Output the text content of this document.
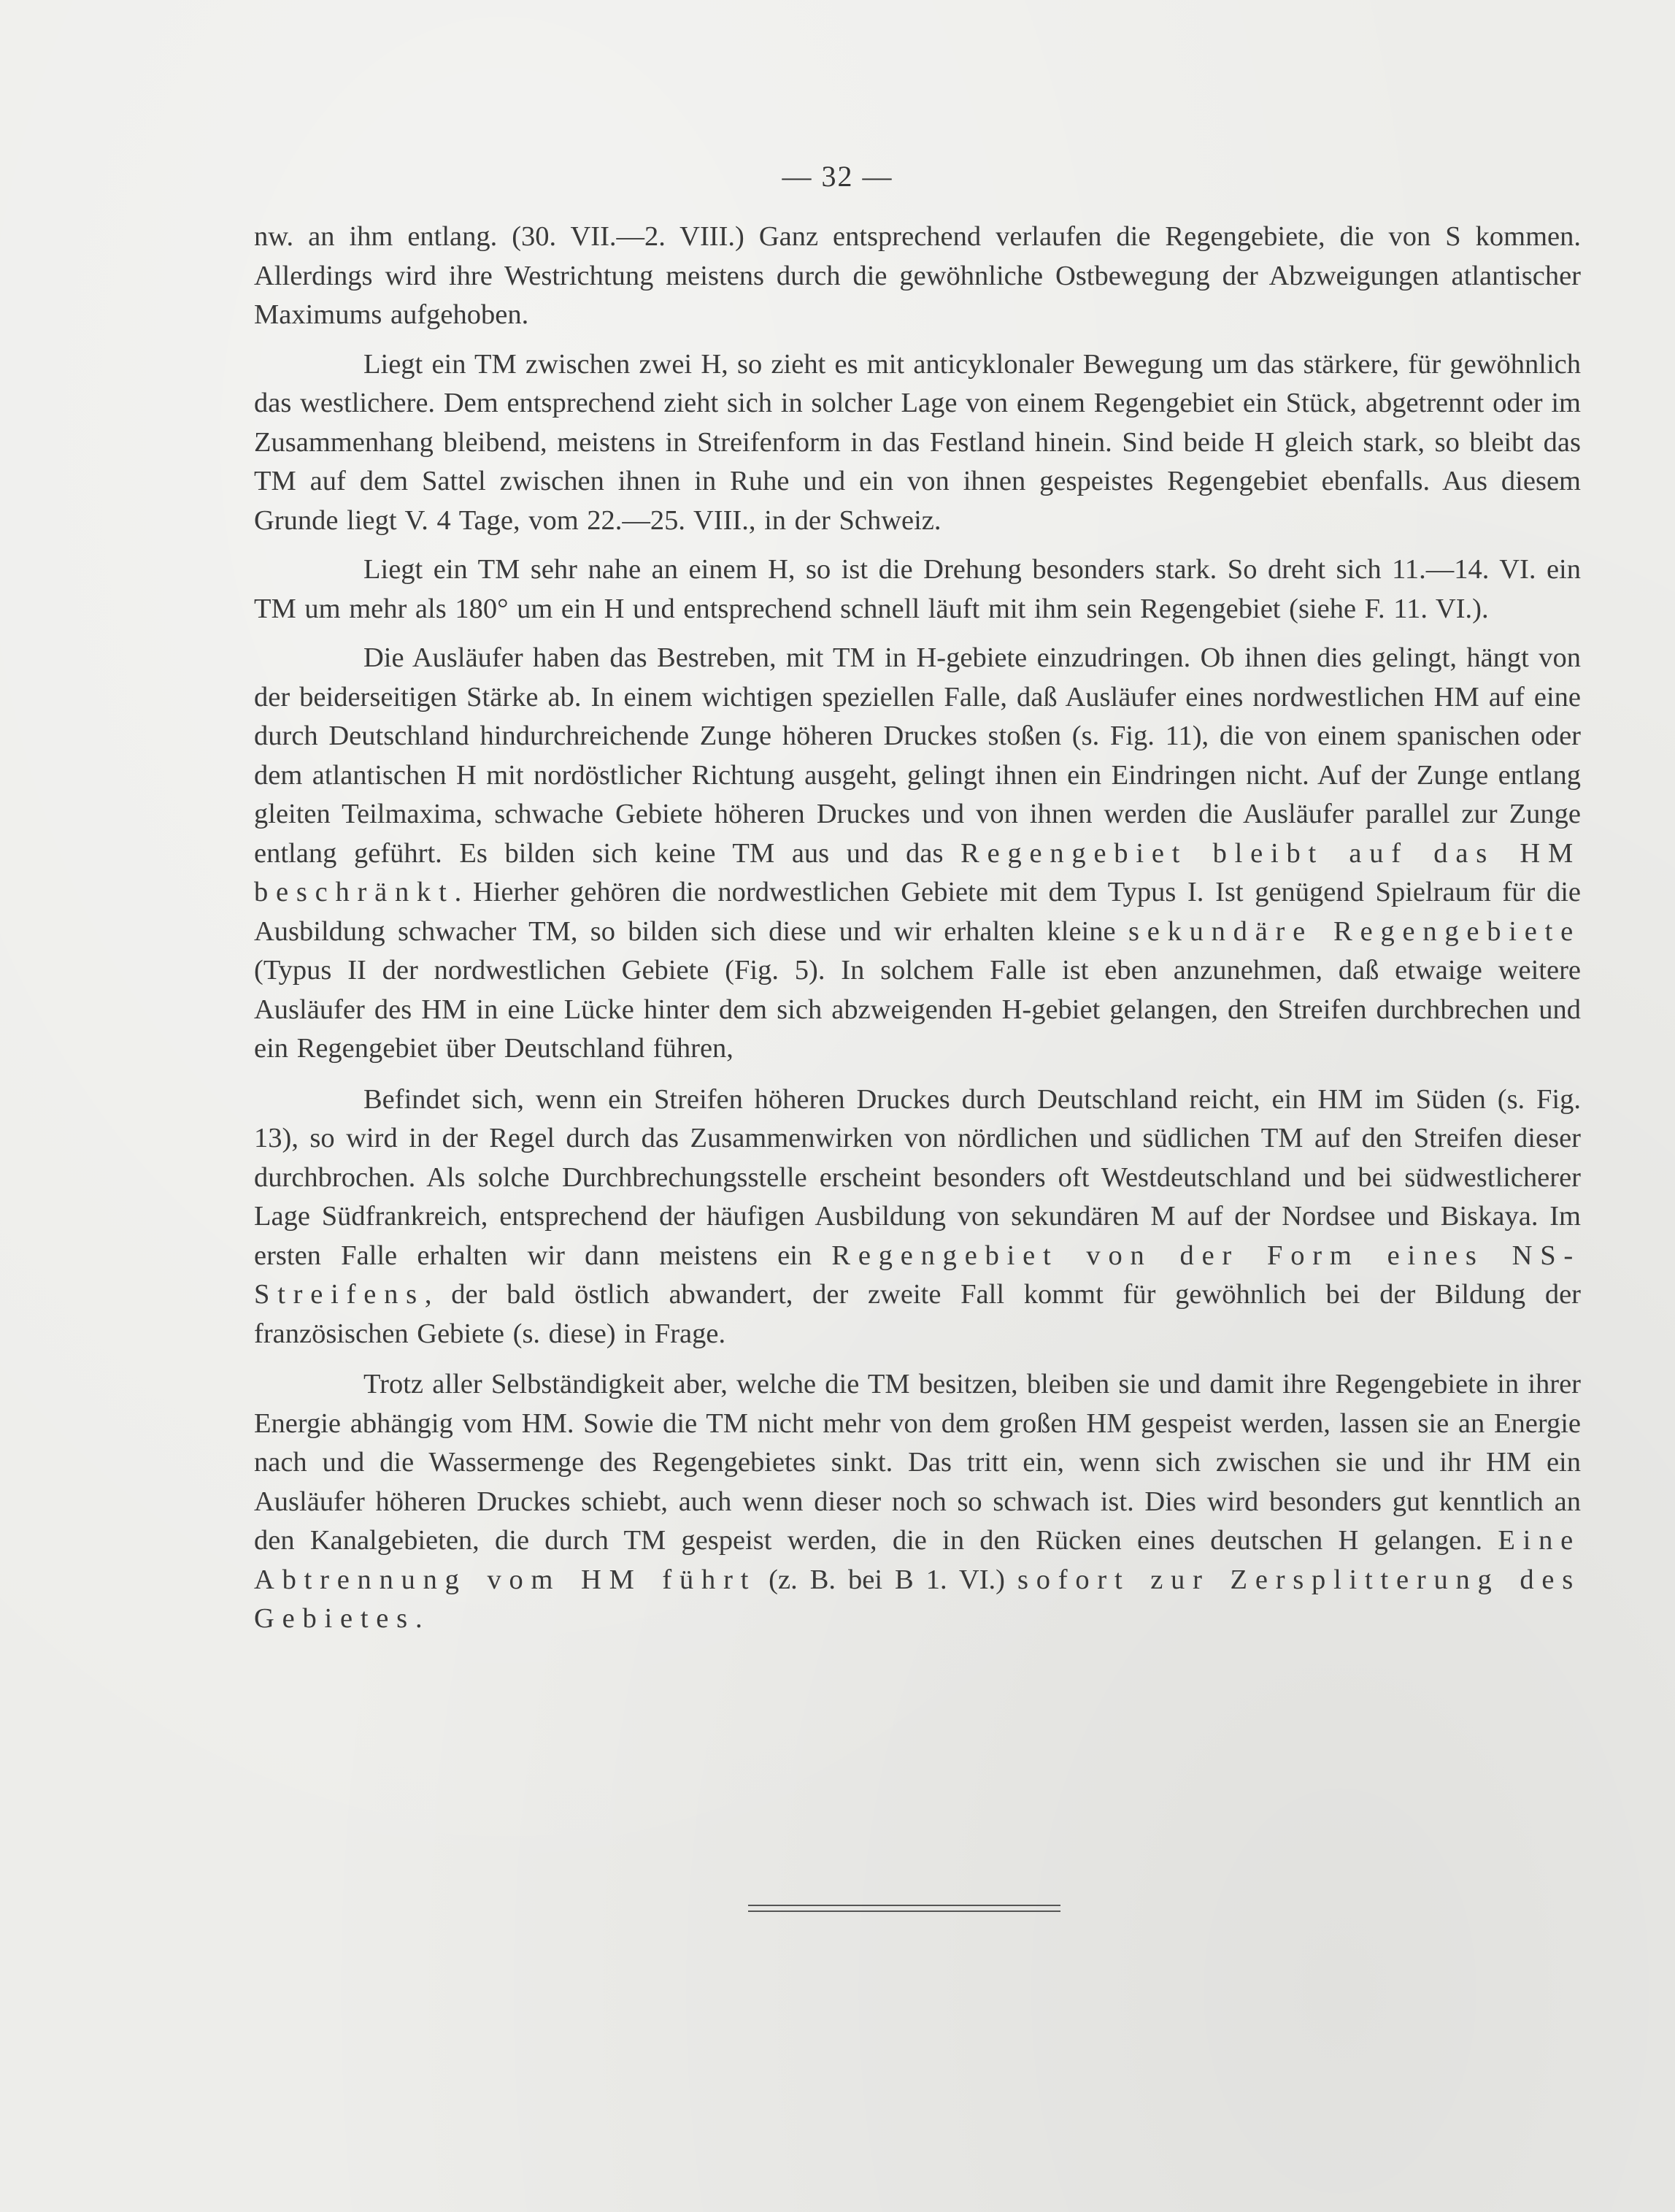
— 32 —

nw. an ihm entlang. (30. VII.—2. VIII.) Ganz entsprechend verlaufen die Regengebiete, die von S kommen. Allerdings wird ihre Westrichtung meistens durch die gewöhnliche Ostbewegung der Abzweigungen atlantischer Maximums aufgehoben.

Liegt ein TM zwischen zwei H, so zieht es mit anticyklonaler Bewegung um das stärkere, für gewöhnlich das westlichere. Dem entsprechend zieht sich in solcher Lage von einem Regengebiet ein Stück, abgetrennt oder im Zusammenhang bleibend, meistens in Streifenform in das Festland hinein. Sind beide H gleich stark, so bleibt das TM auf dem Sattel zwischen ihnen in Ruhe und ein von ihnen gespeistes Regengebiet ebenfalls. Aus diesem Grunde liegt V. 4 Tage, vom 22.—25. VIII., in der Schweiz.

Liegt ein TM sehr nahe an einem H, so ist die Drehung besonders stark. So dreht sich 11.—14. VI. ein TM um mehr als 180° um ein H und entsprechend schnell läuft mit ihm sein Regengebiet (siehe F. 11. VI.).

Die Ausläufer haben das Bestreben, mit TM in H-gebiete einzudringen. Ob ihnen dies gelingt, hängt von der beiderseitigen Stärke ab. In einem wichtigen speziellen Falle, daß Ausläufer eines nordwestlichen HM auf eine durch Deutschland hindurchreichende Zunge höheren Druckes stoßen (s. Fig. 11), die von einem spanischen oder dem atlantischen H mit nordöstlicher Richtung ausgeht, gelingt ihnen ein Eindringen nicht. Auf der Zunge entlang gleiten Teilmaxima, schwache Gebiete höheren Druckes und von ihnen werden die Ausläufer parallel zur Zunge entlang geführt. Es bilden sich keine TM aus und das Regengebiet bleibt auf das HM beschränkt. Hierher gehören die nordwestlichen Gebiete mit dem Typus I. Ist genügend Spielraum für die Ausbildung schwacher TM, so bilden sich diese und wir erhalten kleine sekundäre Regengebiete (Typus II der nordwestlichen Gebiete (Fig. 5). In solchem Falle ist eben anzunehmen, daß etwaige weitere Ausläufer des HM in eine Lücke hinter dem sich abzweigenden H-gebiet gelangen, den Streifen durchbrechen und ein Regengebiet über Deutschland führen,

Befindet sich, wenn ein Streifen höheren Druckes durch Deutschland reicht, ein HM im Süden (s. Fig. 13), so wird in der Regel durch das Zusammenwirken von nördlichen und südlichen TM auf den Streifen dieser durchbrochen. Als solche Durchbrechungsstelle erscheint besonders oft Westdeutschland und bei südwestlicherer Lage Südfrankreich, entsprechend der häufigen Ausbildung von sekundären M auf der Nordsee und Biskaya. Im ersten Falle erhalten wir dann meistens ein Regengebiet von der Form eines NS-Streifens, der bald östlich abwandert, der zweite Fall kommt für gewöhnlich bei der Bildung der französischen Gebiete (s. diese) in Frage.

Trotz aller Selbständigkeit aber, welche die TM besitzen, bleiben sie und damit ihre Regengebiete in ihrer Energie abhängig vom HM. Sowie die TM nicht mehr von dem großen HM gespeist werden, lassen sie an Energie nach und die Wassermenge des Regengebietes sinkt. Das tritt ein, wenn sich zwischen sie und ihr HM ein Ausläufer höheren Druckes schiebt, auch wenn dieser noch so schwach ist. Dies wird besonders gut kenntlich an den Kanalgebieten, die durch TM gespeist werden, die in den Rücken eines deutschen H gelangen. Eine Abtrennung vom HM führt (z. B. bei B 1. VI.) sofort zur Zersplitterung des Gebietes.
